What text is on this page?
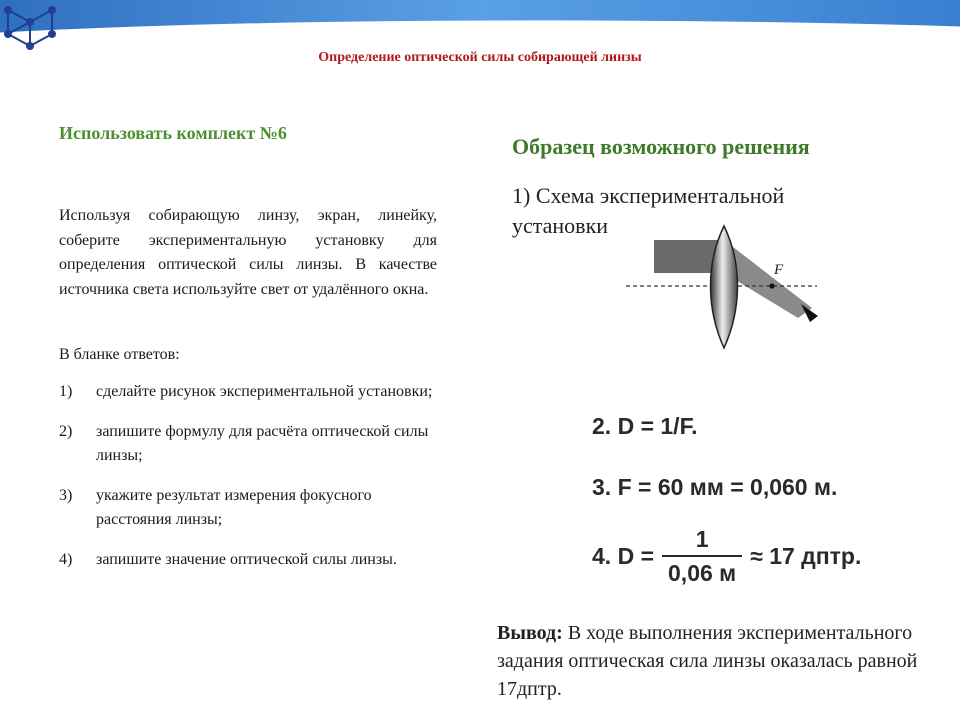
Определение оптической силы собирающей линзы
Использовать комплект №6
Используя собирающую линзу, экран, линейку, соберите экспериментальную установку для определения оптической силы линзы. В качестве источника света используйте свет от удалённого окна.
В бланке ответов:
1)	сделайте рисунок экспериментальной установки;
2)	запишите формулу для расчёта оптической силы линзы;
3)	укажите результат измерения фокусного расстояния линзы;
4)	запишите значение оптической силы линзы.
Образец возможного решения
1) Схема экспериментальной установки
F
2. D = 1/F.
3. F = 60 мм = 0,060 м.
4. $D = \frac{1}{0,06 м} \approx 17$ дптр.
Вывод: В ходе выполнения экспериментального задания оптическая сила линзы оказалась равной 17дптр.
